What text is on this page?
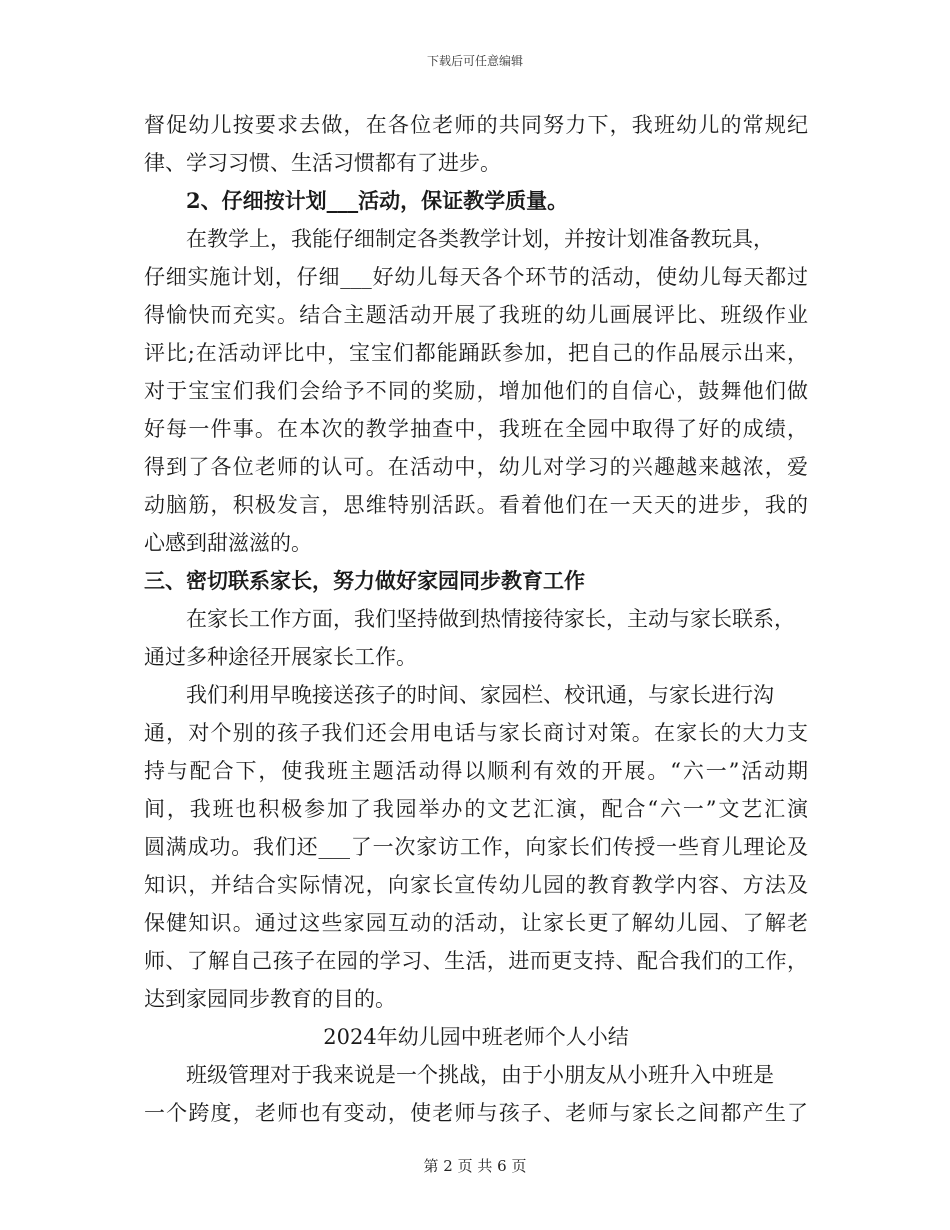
下载后可任意编辑
督促幼儿按要求去做，在各位老师的共同努力下，我班幼儿的常规纪
律、学习习惯、生活习惯都有了进步。
2、仔细按计划___活动，保证教学质量。
在教学上，我能仔细制定各类教学计划，并按计划准备教玩具，
仔细实施计划，仔细___好幼儿每天各个环节的活动，使幼儿每天都过
得愉快而充实。结合主题活动开展了我班的幼儿画展评比、班级作业
评比;在活动评比中，宝宝们都能踊跃参加，把自己的作品展示出来，
对于宝宝们我们会给予不同的奖励，增加他们的自信心，鼓舞他们做
好每一件事。在本次的教学抽查中，我班在全园中取得了好的成绩，
得到了各位老师的认可。在活动中，幼儿对学习的兴趣越来越浓，爱
动脑筋，积极发言，思维特别活跃。看着他们在一天天的进步，我的
心感到甜滋滋的。
三、密切联系家长，努力做好家园同步教育工作
在家长工作方面，我们坚持做到热情接待家长，主动与家长联系，
通过多种途径开展家长工作。
我们利用早晚接送孩子的时间、家园栏、校讯通，与家长进行沟
通，对个别的孩子我们还会用电话与家长商讨对策。在家长的大力支
持与配合下，使我班主题活动得以顺利有效的开展。“六一”活动期
间，我班也积极参加了我园举办的文艺汇演，配合“六一”文艺汇演
圆满成功。我们还___了一次家访工作，向家长们传授一些育儿理论及
知识，并结合实际情况，向家长宣传幼儿园的教育教学内容、方法及
保健知识。通过这些家园互动的活动，让家长更了解幼儿园、了解老
师、了解自己孩子在园的学习、生活，进而更支持、配合我们的工作，
达到家园同步教育的目的。
2024年幼儿园中班老师个人小结
班级管理对于我来说是一个挑战，由于小朋友从小班升入中班是
一个跨度，老师也有变动，使老师与孩子、老师与家长之间都产生了
第 2 页 共 6 页
